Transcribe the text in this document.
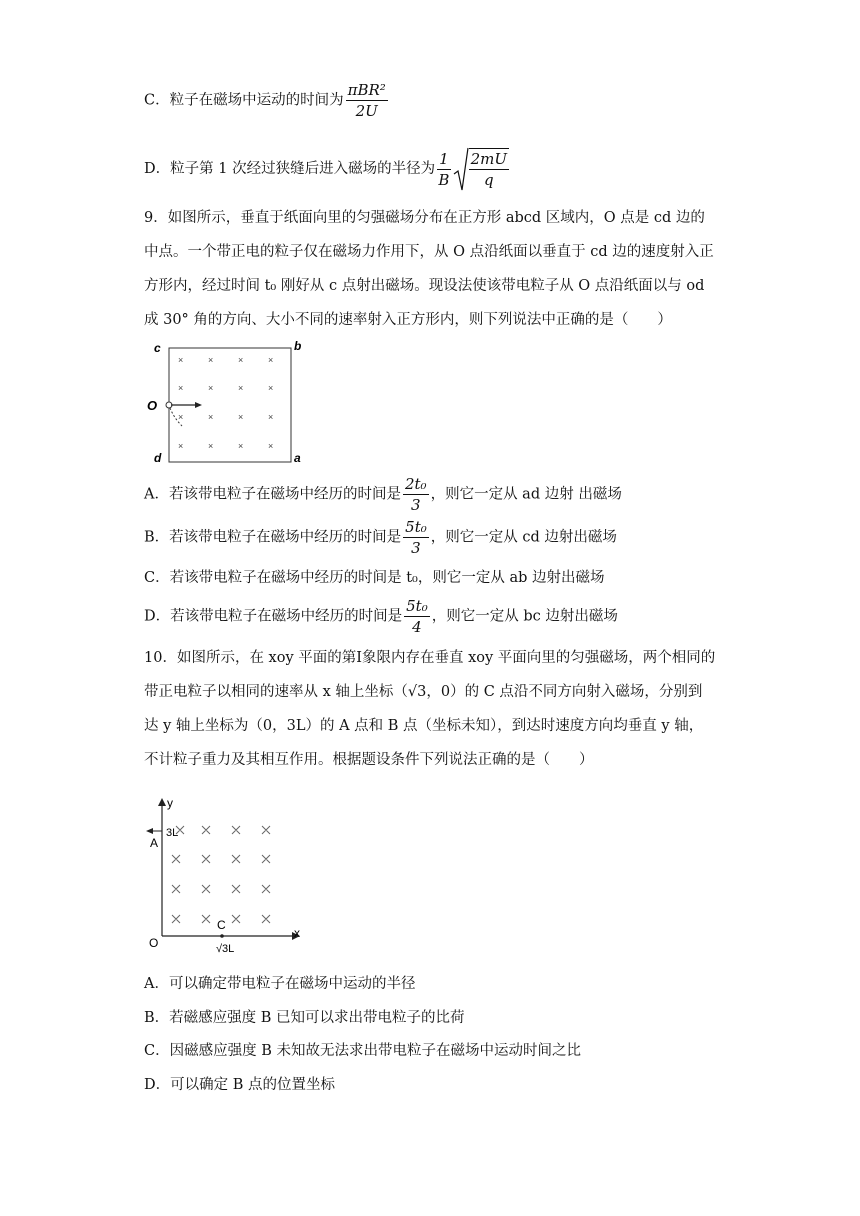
C．粒子在磁场中运动的时间为 $\frac{\text{πBR²}}{2U}$
D．粒子第 1 次经过狭缝后进入磁场的半径为 $\frac{1}{B} \frac{2mU}{q}$
9．如图所示，垂直于纸面向里的匀强磁场分布在正方形 abcd 区域内，O 点是 cd 边的中点。一个带正电的粒子仅在磁场力作用下，从 O 点沿纸面以垂直于 cd 边的速度射入正方形内，经过时间 t₀ 刚好从 c 点射出磁场。现设法使该带电粒子从 O 点沿纸面以与 od 成 30° 角的方向、大小不同的速率射入正方形内，则下列说法中正确的是（　　）
×	×	×	×
×	×	×	×
×	×	×	×
×	×	×	×
c	b
O
d	a
A．若该带电粒子在磁场中经历的时间是 $\frac{\text{2t₀}}{3}$ ，则它一定从 ad 边射 出磁场
B．若该带电粒子在磁场中经历的时间是 $\frac{\text{5t₀}}{3}$ ，则它一定从 cd 边射出磁场
C．若该带电粒子在磁场中经历的时间是 t₀，则它一定从 ab 边射出磁场
D．若该带电粒子在磁场中经历的时间是 $\frac{\text{5t₀}}{4}$ ，则它一定从 bc 边射出磁场
10．如图所示，在 xoy 平面的第Ⅰ象限内存在垂直 xoy 平面向里的匀强磁场，两个相同的带正电粒子以相同的速率从 x 轴上坐标（√3，0）的 C 点沿不同方向射入磁场，分别到达 y 轴上坐标为（0，3L）的 A 点和 B 点（坐标未知），到达时速度方向均垂直 y 轴，不计粒子重力及其相互作用。根据题设条件下列说法正确的是（　　）
y
3L
A
C
O	√3L
x
A．可以确定带电粒子在磁场中运动的半径
B．若磁感应强度 B 已知可以求出带电粒子的比荷
C．因磁感应强度 B 未知故无法求出带电粒子在磁场中运动时间之比
D．可以确定 B 点的位置坐标
